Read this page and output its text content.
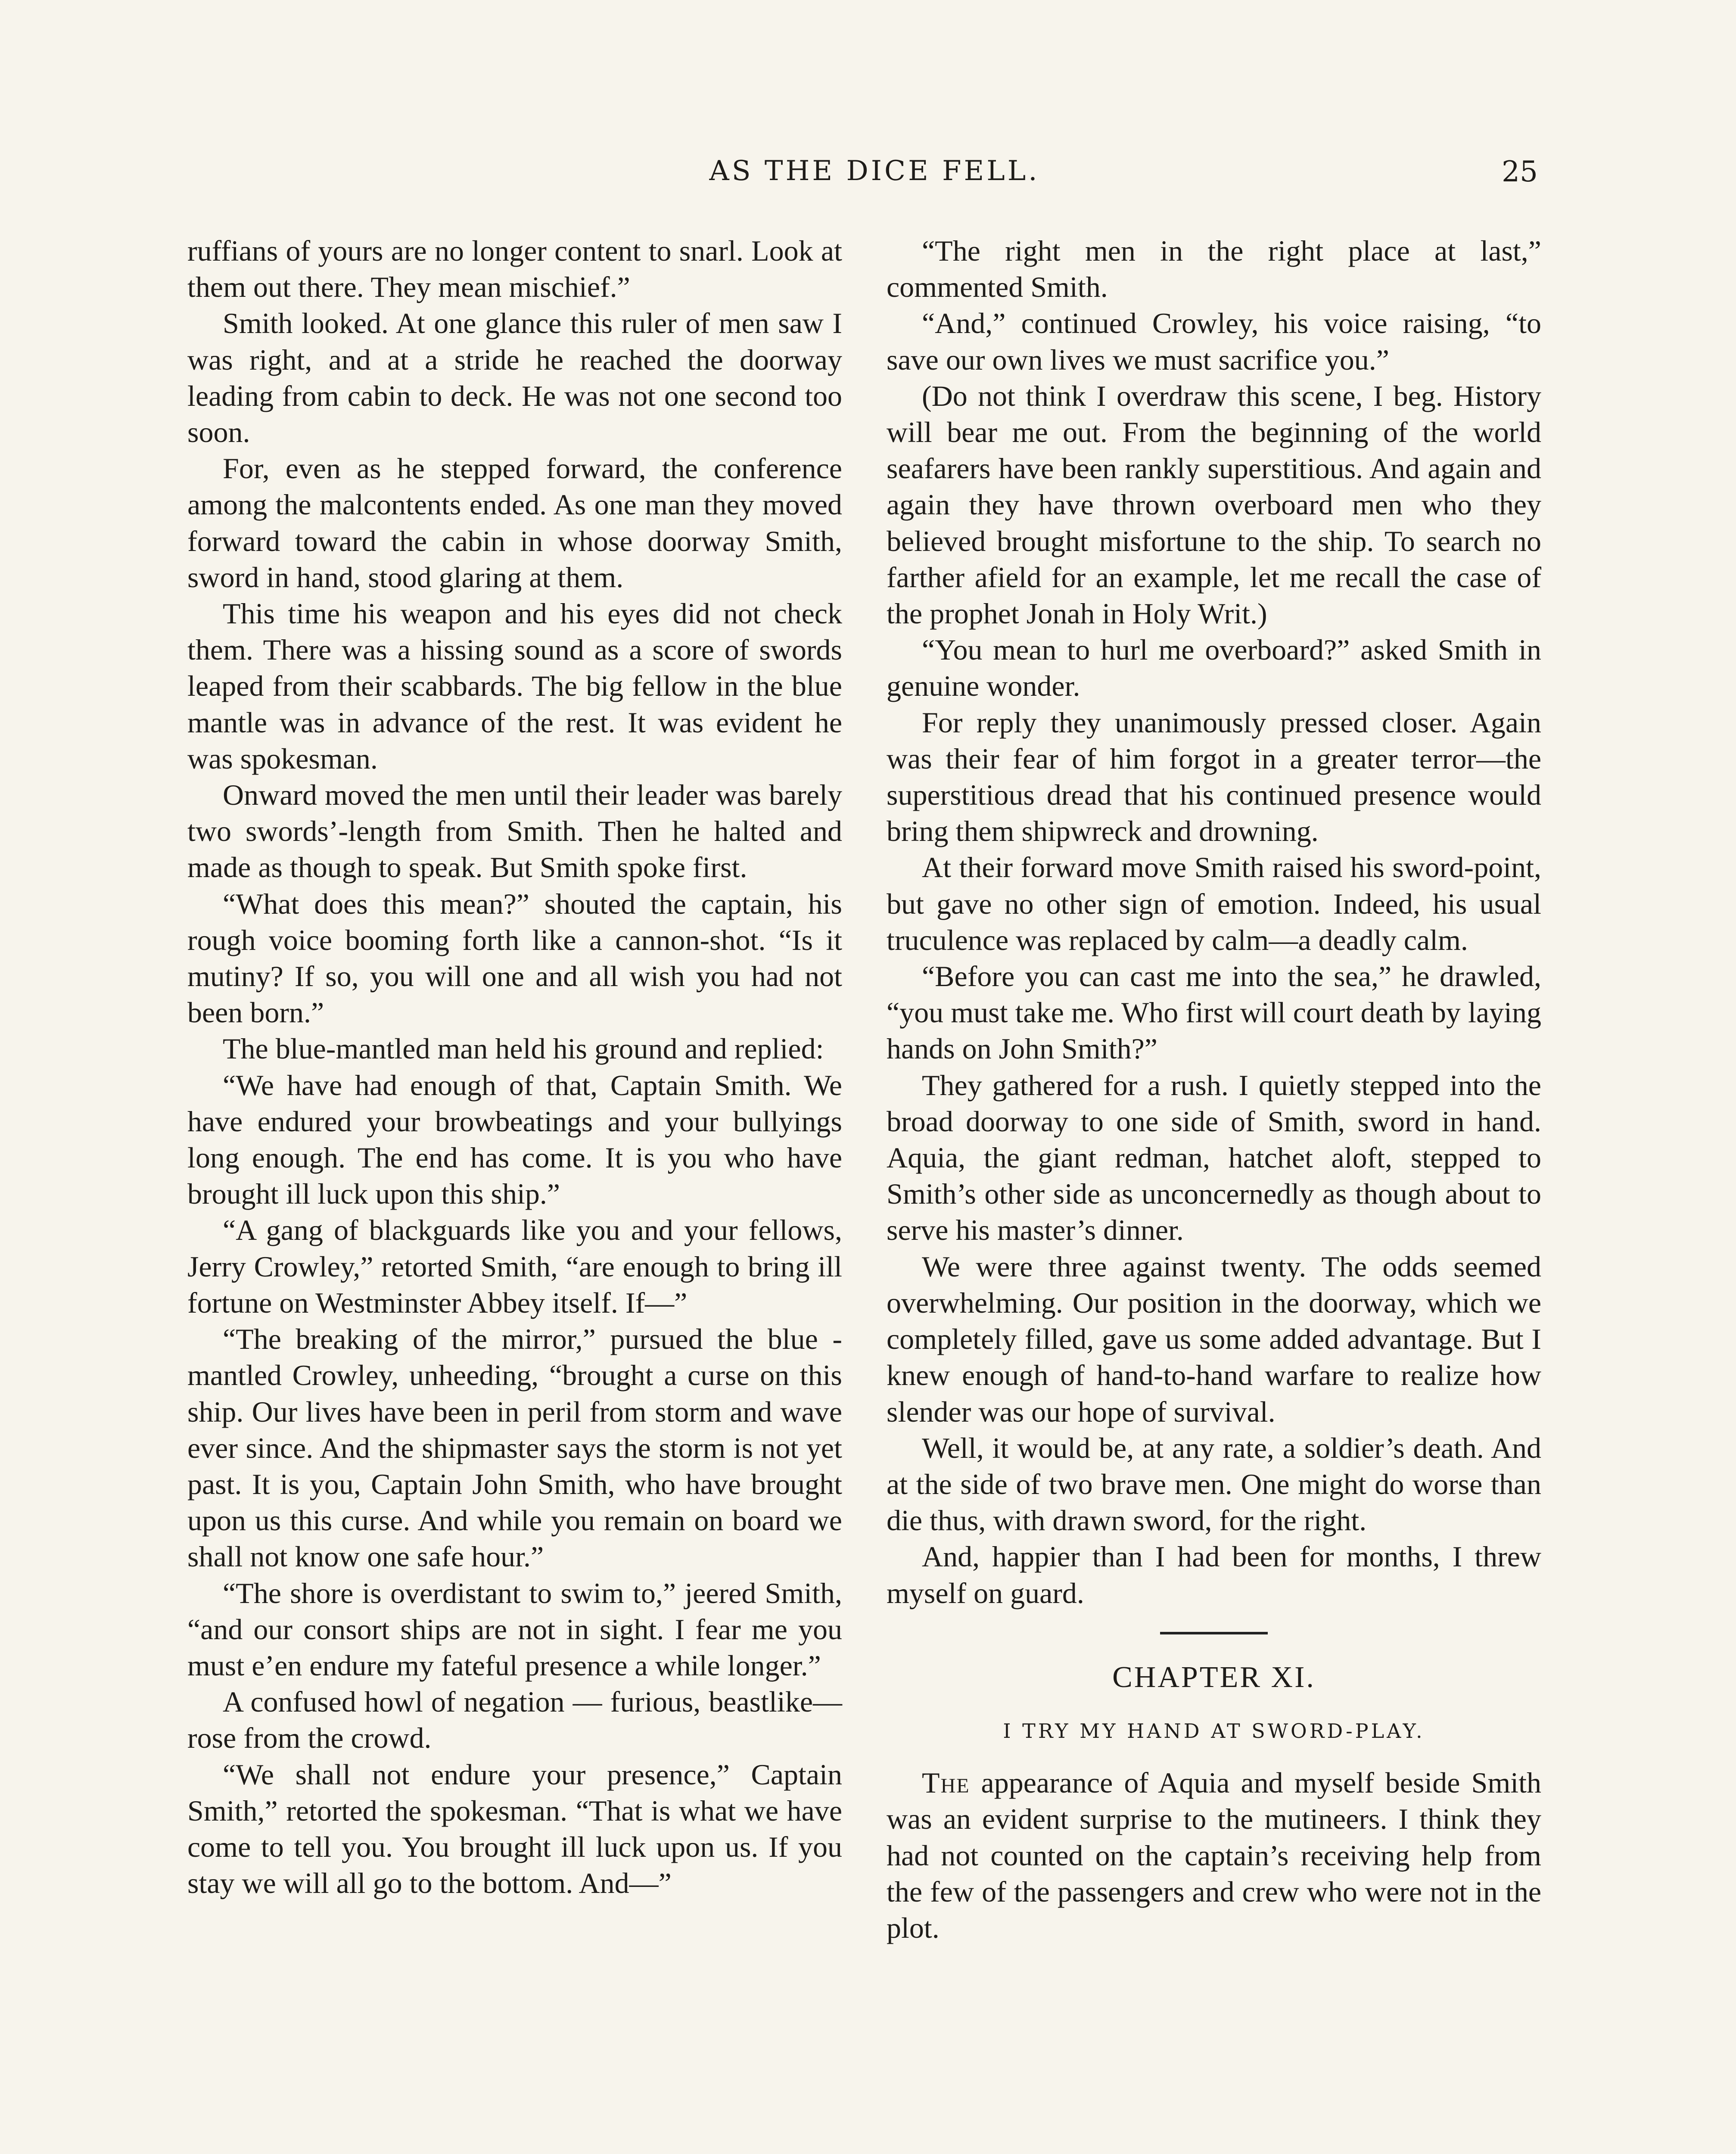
AS THE DICE FELL.	25

ruffians of yours are no longer content to snarl. Look at them out there. They mean mischief.”

Smith looked. At one glance this ruler of men saw I was right, and at a stride he reached the doorway leading from cabin to deck. He was not one second too soon.

For, even as he stepped forward, the conference among the malcontents ended. As one man they moved forward toward the cabin in whose doorway Smith, sword in hand, stood glaring at them.

This time his weapon and his eyes did not check them. There was a hissing sound as a score of swords leaped from their scabbards. The big fellow in the blue mantle was in advance of the rest. It was evident he was spokesman.

Onward moved the men until their leader was barely two swords’-length from Smith. Then he halted and made as though to speak. But Smith spoke first.

“What does this mean?” shouted the captain, his rough voice booming forth like a cannon-shot. “Is it mutiny? If so, you will one and all wish you had not been born.”

The blue-mantled man held his ground and replied:

“We have had enough of that, Captain Smith. We have endured your browbeatings and your bullyings long enough. The end has come. It is you who have brought ill luck upon this ship.”

“A gang of blackguards like you and your fellows, Jerry Crowley,” retorted Smith, “are enough to bring ill fortune on Westminster Abbey itself. If—”

“The breaking of the mirror,” pursued the blue - mantled Crowley, unheeding, “brought a curse on this ship. Our lives have been in peril from storm and wave ever since. And the shipmaster says the storm is not yet past. It is you, Captain John Smith, who have brought upon us this curse. And while you remain on board we shall not know one safe hour.”

“The shore is overdistant to swim to,” jeered Smith, “and our consort ships are not in sight. I fear me you must e’en endure my fateful presence a while longer.”

A confused howl of negation — furious, beastlike—rose from the crowd.

“We shall not endure your presence,” Captain Smith,” retorted the spokesman. “That is what we have come to tell you. You brought ill luck upon us. If you stay we will all go to the bottom. And—”

“The right men in the right place at last,” commented Smith.

“And,” continued Crowley, his voice raising, “to save our own lives we must sacrifice you.”

(Do not think I overdraw this scene, I beg. History will bear me out. From the beginning of the world seafarers have been rankly superstitious. And again and again they have thrown overboard men who they believed brought misfortune to the ship. To search no farther afield for an example, let me recall the case of the prophet Jonah in Holy Writ.)

“You mean to hurl me overboard?” asked Smith in genuine wonder.

For reply they unanimously pressed closer. Again was their fear of him forgot in a greater terror—the superstitious dread that his continued presence would bring them shipwreck and drowning.

At their forward move Smith raised his sword-point, but gave no other sign of emotion. Indeed, his usual truculence was replaced by calm—a deadly calm.

“Before you can cast me into the sea,” he drawled, “you must take me. Who first will court death by laying hands on John Smith?”

They gathered for a rush. I quietly stepped into the broad doorway to one side of Smith, sword in hand. Aquia, the giant redman, hatchet aloft, stepped to Smith’s other side as unconcernedly as though about to serve his master’s dinner.

We were three against twenty. The odds seemed overwhelming. Our position in the doorway, which we completely filled, gave us some added advantage. But I knew enough of hand-to-hand warfare to realize how slender was our hope of survival.

Well, it would be, at any rate, a soldier’s death. And at the side of two brave men. One might do worse than die thus, with drawn sword, for the right.

And, happier than I had been for months, I threw myself on guard.

CHAPTER XI.
I TRY MY HAND AT SWORD-PLAY.

The appearance of Aquia and myself beside Smith was an evident surprise to the mutineers. I think they had not counted on the captain’s receiving help from the few of the passengers and crew who were not in the plot.
